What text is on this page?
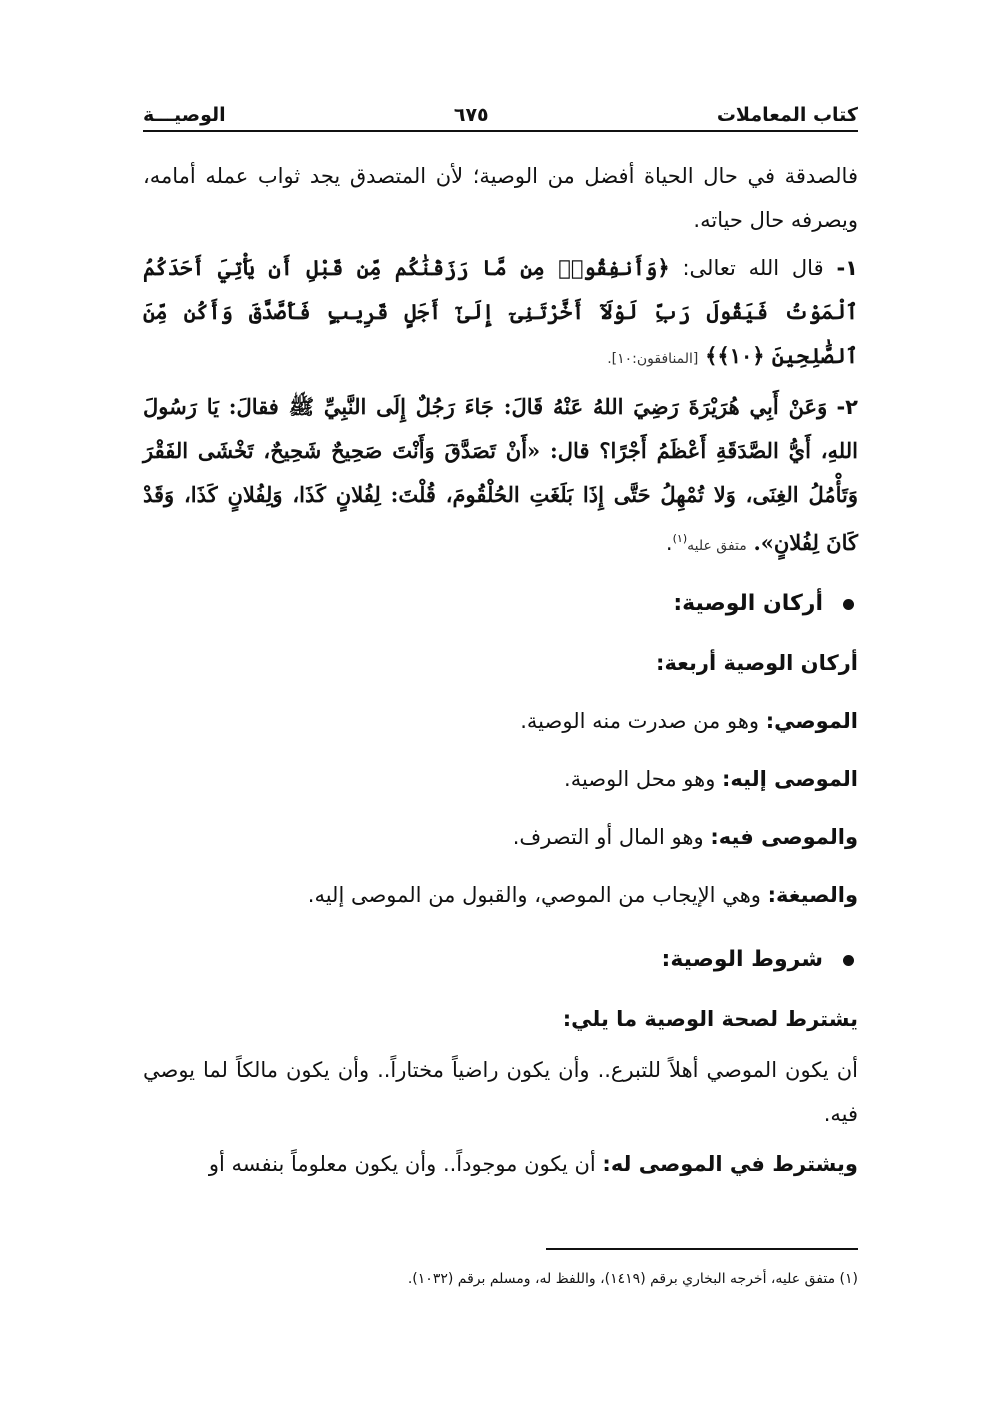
كتاب المعاملات
٦٧٥
الوصيـــة

فالصدقة في حال الحياة أفضل من الوصية؛ لأن المتصدق يجد ثواب عمله أمامه، ويصرفه حال حياته.

١- قال الله تعالى: ﴿وَأَنفِقُوا۟ مِن مَّا رَزَقْنَٰكُم مِّن قَبْلِ أَن يَأْتِيَ أَحَدَكُمُ ٱلْمَوْتُ فَيَقُولَ رَبِّ لَوْلَآ أَخَّرْتَنِىٓ إِلَىٰٓ أَجَلٍ قَرِيبٍ فَأَصَّدَّقَ وَأَكُن مِّنَ ٱلصَّٰلِحِينَ ﴿١٠﴾﴾ [المنافقون:١٠].

٢- وَعَنْ أَبِي هُرَيْرَةَ رَضِيَ اللهُ عَنْهُ قَالَ: جَاءَ رَجُلٌ إِلَى النَّبِيِّ ﷺ فقالَ: يَا رَسُولَ اللهِ، أَيُّ الصَّدَقَةِ أَعْظَمُ أَجْرًا؟ قال: «أَنْ تَصَدَّقَ وَأَنْتَ صَحِيحٌ شَحِيحٌ، تَخْشَى الفَقْرَ وَتَأْمُلُ الغِنَى، وَلا تُمْهِلُ حَتَّى إِذَا بَلَغَتِ الحُلْقُومَ، قُلْتَ: لِفُلانٍ كَذَا، وَلِفُلانٍ كَذَا، وَقَدْ كَانَ لِفُلانٍ». متفق عليه$^{(١)}$.

أركان الوصية:

أركان الوصية أربعة:

الموصي: وهو من صدرت منه الوصية.

الموصى إليه: وهو محل الوصية.

والموصى فيه: وهو المال أو التصرف.

والصيغة: وهي الإيجاب من الموصي، والقبول من الموصى إليه.

شروط الوصية:

يشترط لصحة الوصية ما يلي:

أن يكون الموصي أهلاً للتبرع.. وأن يكون راضياً مختاراً.. وأن يكون مالكاً لما يوصي فيه.

ويشترط في الموصى له: أن يكون موجوداً.. وأن يكون معلوماً بنفسه أو

(١) متفق عليه، أخرجه البخاري برقم (١٤١٩)، واللفظ له، ومسلم برقم (١٠٣٢).
